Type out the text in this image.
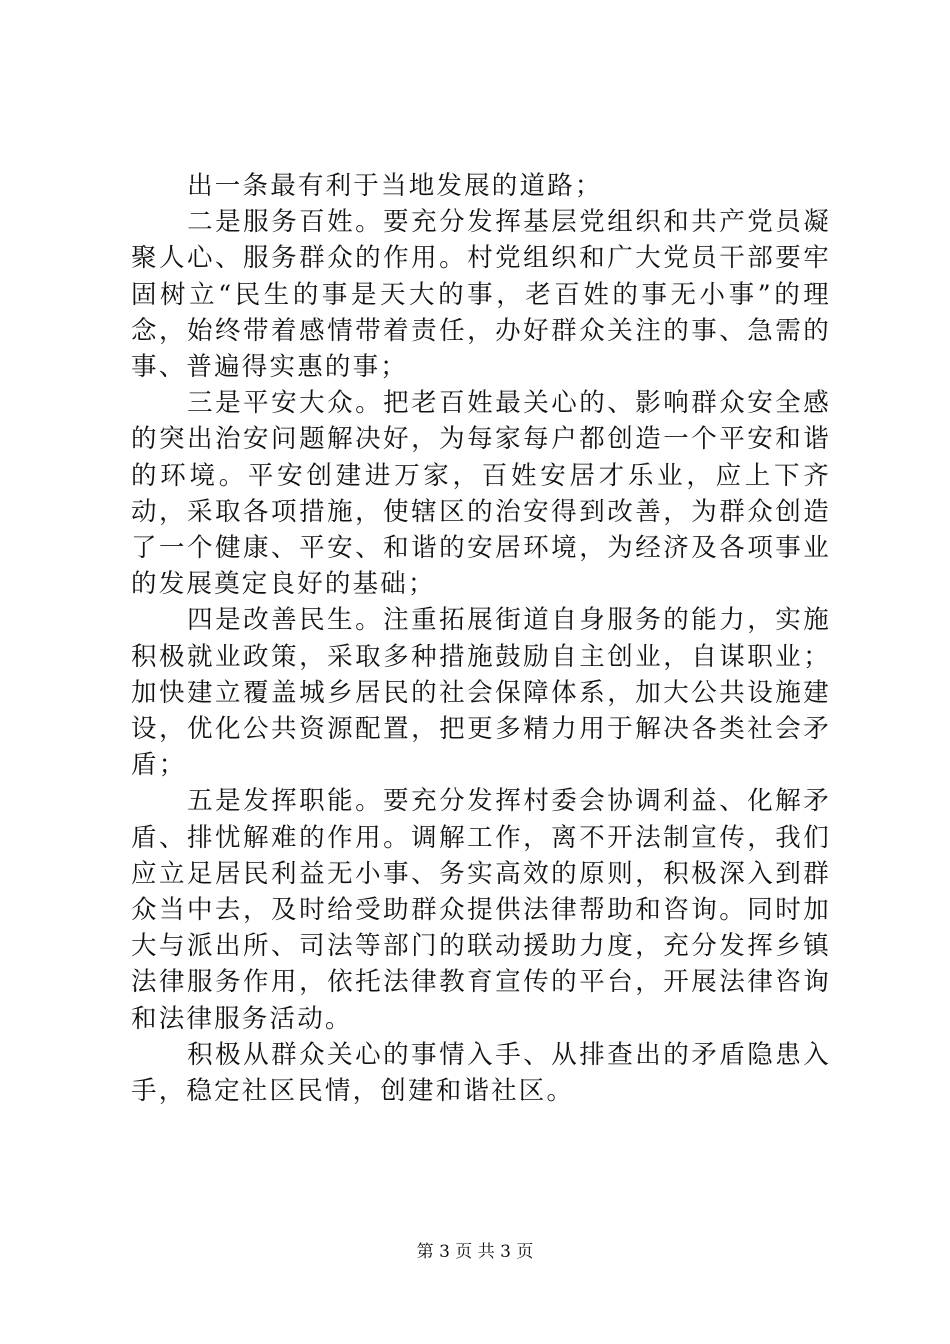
出一条最有利于当地发展的道路；

二是服务百姓。要充分发挥基层党组织和共产党员凝聚人心、服务群众的作用。村党组织和广大党员干部要牢固树立“民生的事是天大的事，老百姓的事无小事”的理念，始终带着感情带着责任，办好群众关注的事、急需的事、普遍得实惠的事；

三是平安大众。把老百姓最关心的、影响群众安全感的突出治安问题解决好，为每家每户都创造一个平安和谐的环境。平安创建进万家，百姓安居才乐业，应上下齐动，采取各项措施，使辖区的治安得到改善，为群众创造了一个健康、平安、和谐的安居环境，为经济及各项事业的发展奠定良好的基础；

四是改善民生。注重拓展街道自身服务的能力，实施积极就业政策，采取多种措施鼓励自主创业，自谋职业；加快建立覆盖城乡居民的社会保障体系，加大公共设施建设，优化公共资源配置，把更多精力用于解决各类社会矛盾；

五是发挥职能。要充分发挥村委会协调利益、化解矛盾、排忧解难的作用。调解工作，离不开法制宣传，我们应立足居民利益无小事、务实高效的原则，积极深入到群众当中去，及时给受助群众提供法律帮助和咨询。同时加大与派出所、司法等部门的联动援助力度，充分发挥乡镇法律服务作用，依托法律教育宣传的平台，开展法律咨询和法律服务活动。

积极从群众关心的事情入手、从排查出的矛盾隐患入手，稳定社区民情，创建和谐社区。

第 3 页 共 3 页
